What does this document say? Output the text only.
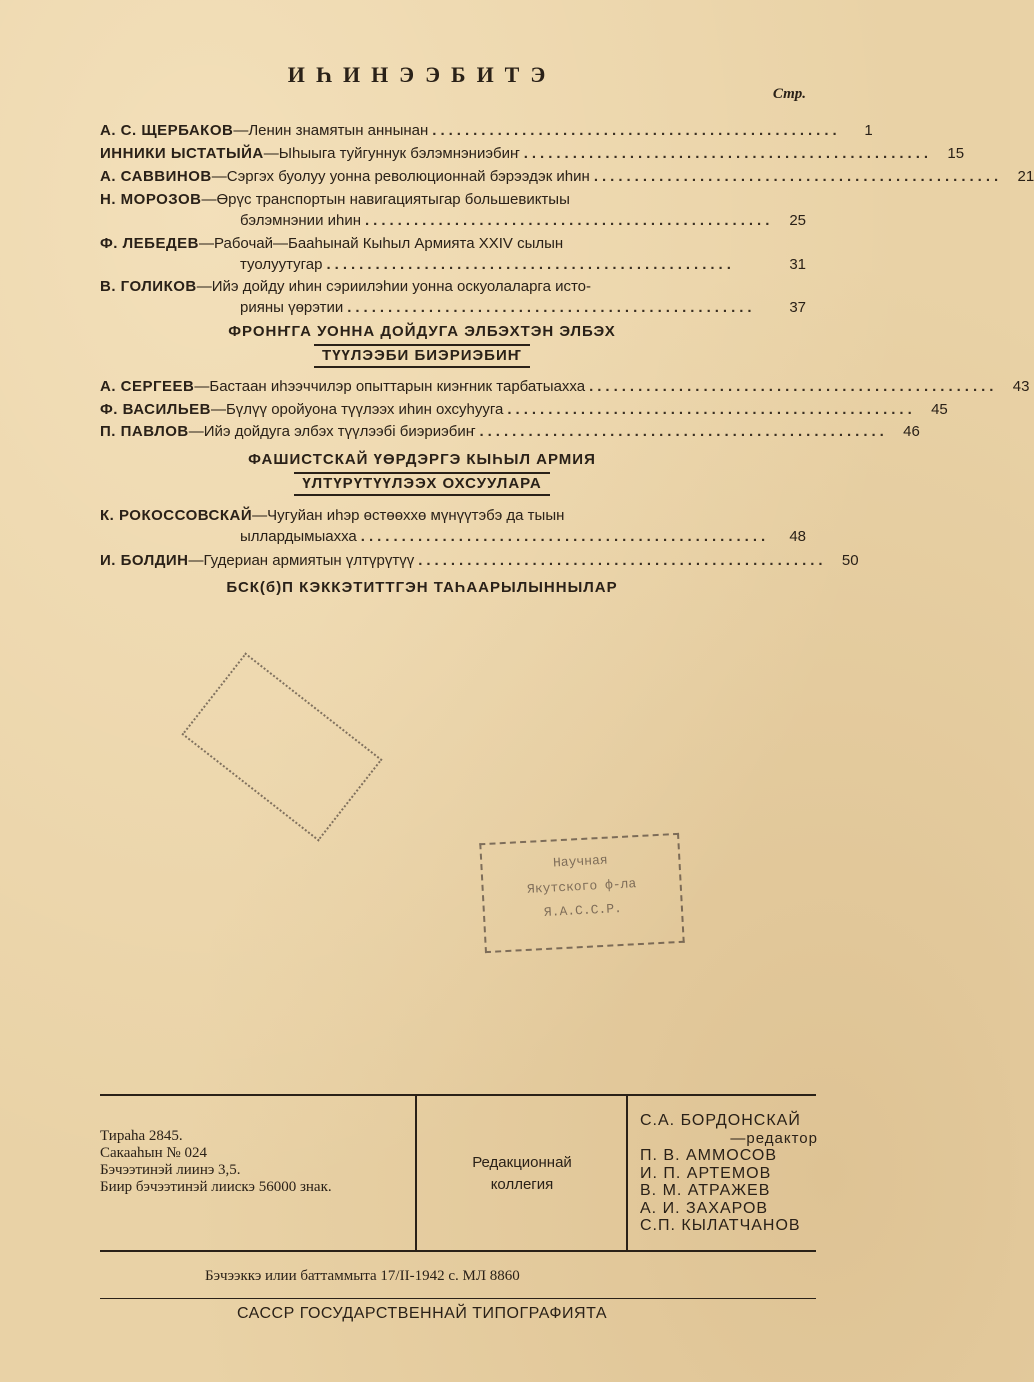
ИҺИНЭЭБИТЭ
Стр.
А. С. ЩЕРБАКОВ—Ленин знамятын аннынан ..................................................	1
ИННИКИ ЫСТАТЫЙА—Ыһыыга туйгуннук бэлэмнэниэбиҥ ..................................................	15
А. САВВИНОВ—Сэргэх буолуу уонна революционнай бэрээдэк иһин ..................................................	21
Н. МОРОЗОВ—Өрүс транспортын навигациятыгар большевиктыы
бэлэмнэнии иһин ..................................................	25
Ф. ЛЕБЕДЕВ—Рабочай—Бааһынай Кыһыл Армията XXIV сылын
туолуутугар ..................................................	31
В. ГОЛИКОВ—Ийэ дойду иһин сэриилэһии уонна оскуолаларга исто-
рияны үөрэтии ..................................................	37
ФРОНҤГА УОННА ДОЙДУГА ЭЛБЭХТЭН ЭЛБЭХ
ТҮҮЛЭЭБИ БИЭРИЭБИҤ
А. СЕРГЕЕВ—Бастаан иһээччилэр опыттарын киэҥник тарбатыахха ..................................................	43
Ф. ВАСИЛЬЕВ—Бүлүү оройуона түүлээх иһин охсуһууга ..................................................	45
П. ПАВЛОВ—Ийэ дойдуга элбэх түүлээбi биэриэбиҥ ..................................................	46
ФАШИСТСКАЙ ҮӨРДЭРГЭ КЫҺЫЛ АРМИЯ
ҮЛТҮРҮТҮҮЛЭЭХ ОХСУУЛАРА
К. РОКОССОВСКАЙ—Чугуйан иһэр өстөөххө мүнүүтэбэ да тыын
ыллардымыахха ..................................................	48
И. БОЛДИН—Гудериан армиятын үлтүрүтүү ..................................................	50
БСК(б)П КЭККЭТИТТГЭН ТАҺААРЫЛЫННЫЛАР
Научная
Якутского ф-ла
Я.А.С.С.Р.
Тираһа 2845.
Сакааһын № 024
Бэчээтинэй лиинэ 3,5.
Биир бэчээтинэй лиискэ 56000 знак.
Редакционнай
коллегия
С.А. БОРДОНСКАЙ
—редактор
П. В. АММОСОВ
И. П. АРТЕМОВ
В. М. АТРАЖЕВ
А. И. ЗАХАРОВ
С.П. КЫЛАТЧАНОВ
Бэчээккэ илии баттаммыта 17/II-1942 с. МЛ 8860
САССР ГОСУДАРСТВЕННАЙ ТИПОГРАФИЯТА
